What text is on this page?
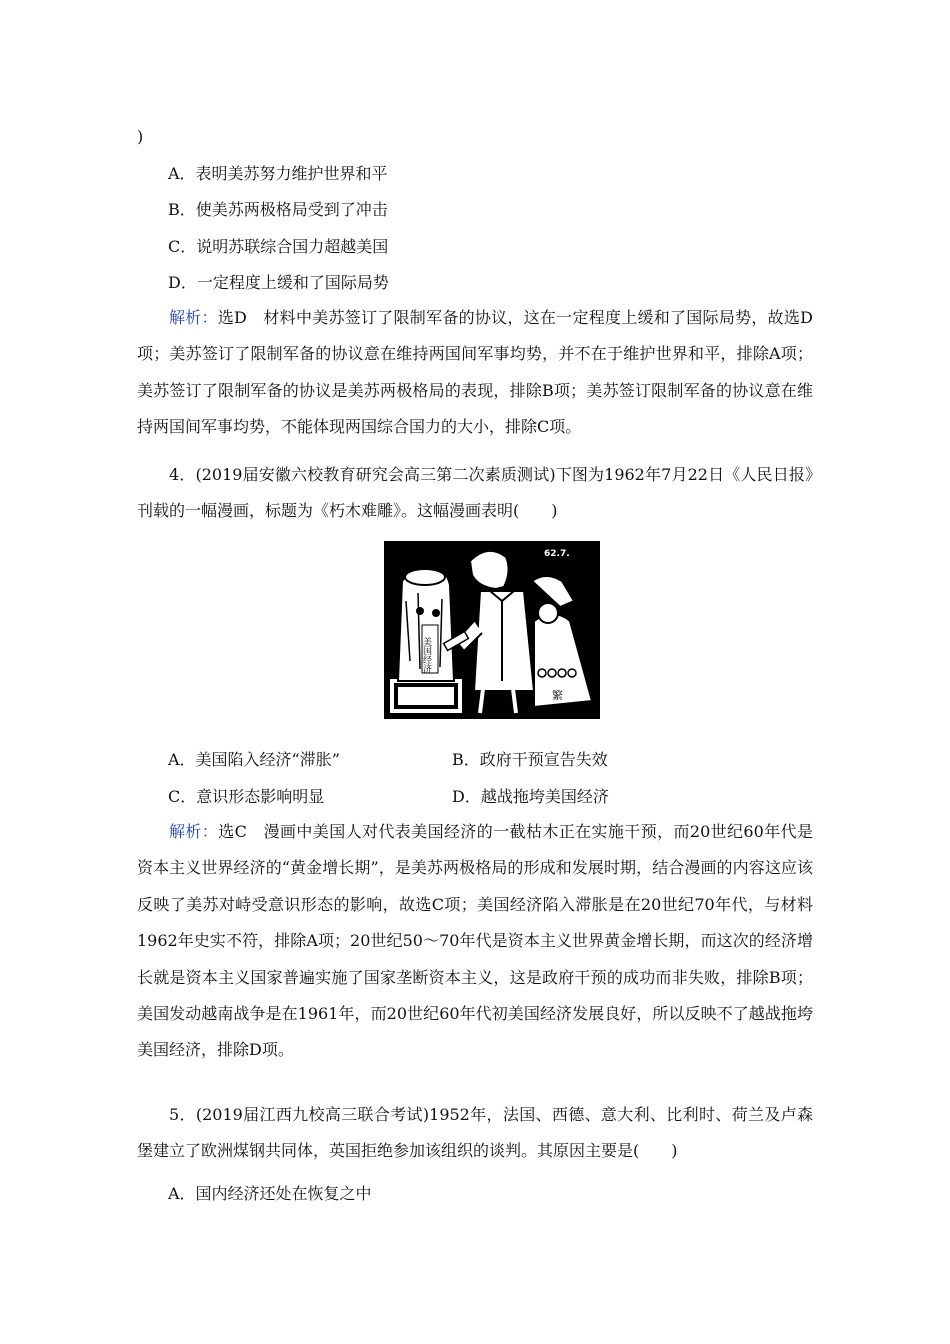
)
A．表明美苏努力维护世界和平
B．使美苏两极格局受到了冲击
C．说明苏联综合国力超越美国
D．一定程度上缓和了国际局势

解析：选D　材料中美苏签订了限制军备的协议，这在一定程度上缓和了国际局势，故选D项；美苏签订了限制军备的协议意在维持两国间军事均势，并不在于维护世界和平，排除A项；美苏签订了限制军备的协议是美苏两极格局的表现，排除B项；美苏签订限制军备的协议意在维持两国间军事均势，不能体现两国综合国力的大小，排除C项。

4．(2019届安徽六校教育研究会高三第二次素质测试)下图为1962年7月22日《人民日报》刊载的一幅漫画，标题为《朽木难雕》。这幅漫画表明(　　)

62.7.
美国经济
繁
A．美国陷入经济“滞胀”	B．政府干预宣告失效
C．意识形态影响明显	D．越战拖垮美国经济

解析：选C　漫画中美国人对代表美国经济的一截枯木正在实施干预，而20世纪60年代是资本主义世界经济的“黄金增长期”，是美苏两极格局的形成和发展时期，结合漫画的内容这应该反映了美苏对峙受意识形态的影响，故选C项；美国经济陷入滞胀是在20世纪70年代，与材料1962年史实不符，排除A项；20世纪50～70年代是资本主义世界黄金增长期，而这次的经济增长就是资本主义国家普遍实施了国家垄断资本主义，这是政府干预的成功而非失败，排除B项；美国发动越南战争是在1961年，而20世纪60年代初美国经济发展良好，所以反映不了越战拖垮美国经济，排除D项。

5．(2019届江西九校高三联合考试)1952年，法国、西德、意大利、比利时、荷兰及卢森堡建立了欧洲煤钢共同体，英国拒绝参加该组织的谈判。其原因主要是(　　)

A．国内经济还处在恢复之中
